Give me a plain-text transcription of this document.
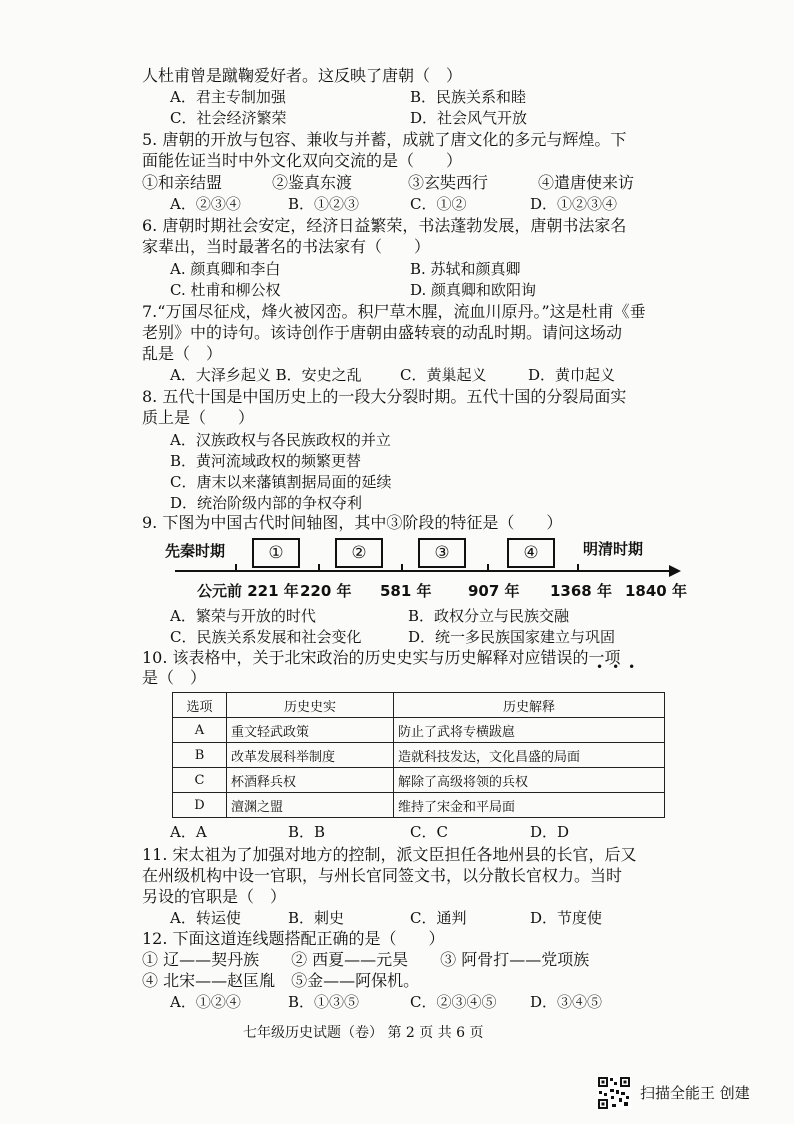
人杜甫曾是蹴鞠爱好者。这反映了唐朝（　）
A．君主专制加强	B．民族关系和睦
C．社会经济繁荣	D．社会风气开放
5. 唐朝的开放与包容、兼收与并蓄，成就了唐文化的多元与辉煌。下
面能佐证当时中外文化双向交流的是（　　）
①和亲结盟	②鉴真东渡	③玄奘西行	④遣唐使来访
A．②③④	B．①②③	C．①②	D．①②③④
6. 唐朝时期社会安定，经济日益繁荣，书法蓬勃发展，唐朝书法家名
家辈出，当时最著名的书法家有（　　）
A. 颜真卿和李白	B. 苏轼和颜真卿
C. 杜甫和柳公权	D. 颜真卿和欧阳询
7.“万国尽征戍，烽火被冈峦。积尸草木腥，流血川原丹。”这是杜甫《垂
老别》中的诗句。该诗创作于唐朝由盛转衰的动乱时期。请问这场动
乱是（　）
A．大泽乡起义 B．安史之乱	C．黄巢起义	D．黄巾起义
8. 五代十国是中国历史上的一段大分裂时期。五代十国的分裂局面实
质上是（　　）
A．汉族政权与各民族政权的并立
B．黄河流域政权的频繁更替
C．唐末以来藩镇割据局面的延续
D．统治阶级内部的争权夺利
9. 下图为中国古代时间轴图，其中③阶段的特征是（　　）
先秦时期	明清时期
①	②	③	④
公元前 221 年 220 年 581 年 907 年 1368 年 1840 年
A．繁荣与开放的时代	B．政权分立与民族交融
C．民族关系发展和社会变化	D．统一多民族国家建立与巩固
10. 该表格中，关于北宋政治的历史史实与历史解释对应错误的一项
是（　）
•••
选项	历史史实	历史解释
A	重文轻武政策	防止了武将专横跋扈
B	改革发展科举制度	造就科技发达，文化昌盛的局面
C	杯酒释兵权	解除了高级将领的兵权
D	澶渊之盟	维持了宋金和平局面
A．A	B．B	C．C	D．D
11. 宋太祖为了加强对地方的控制，派文臣担任各地州县的长官，后又
在州级机构中设一官职，与州长官同签文书，以分散长官权力。当时
另设的官职是（　）
A．转运使	B．刺史	C．通判	D．节度使
12. 下面这道连线题搭配正确的是（　　）
① 辽——契丹族　　② 西夏——元昊　　③ 阿骨打——党项族
④ 北宋——赵匡胤　⑤金——阿保机。
A．①②④	B．①③⑤	C．②③④⑤ D．③④⑤
七年级历史试题（卷） 第 2 页 共 6 页
扫描全能王 创建
